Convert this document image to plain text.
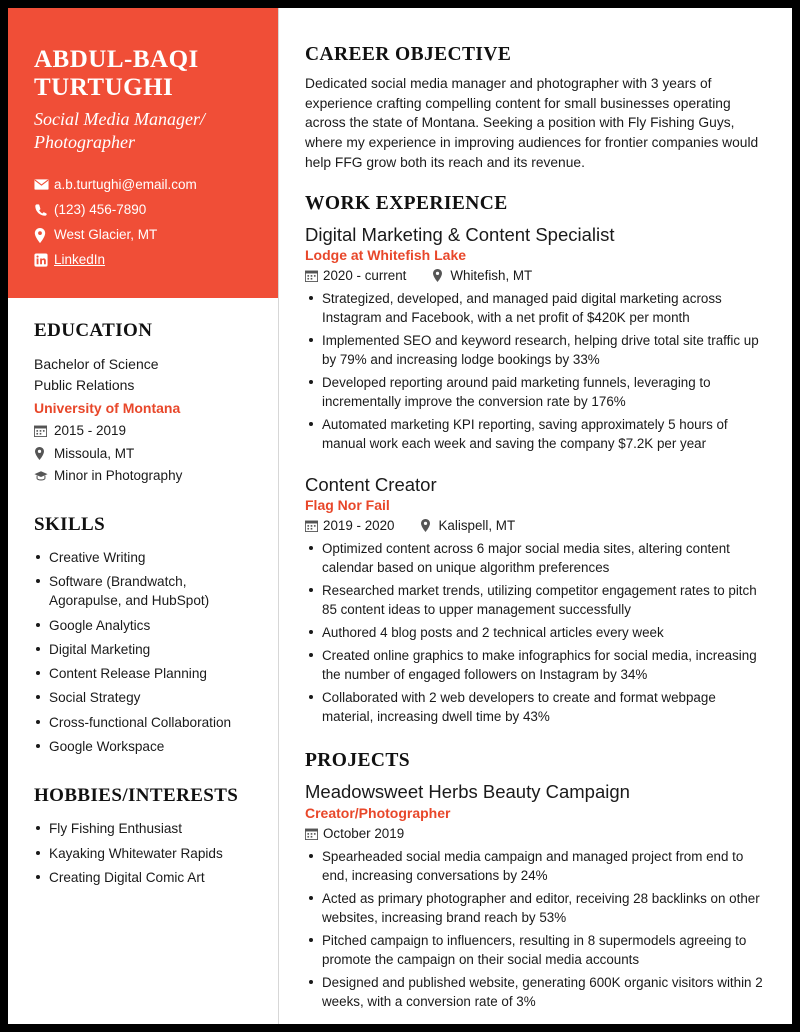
ABDUL-BAQI TURTUGHI
Social Media Manager/ Photographer
a.b.turtughi@email.com
(123) 456-7890
West Glacier, MT
LinkedIn
EDUCATION
Bachelor of Science
Public Relations
University of Montana
2015 - 2019
Missoula, MT
Minor in Photography
SKILLS
Creative Writing
Software (Brandwatch, Agorapulse, and HubSpot)
Google Analytics
Digital Marketing
Content Release Planning
Social Strategy
Cross-functional Collaboration
Google Workspace
HOBBIES/INTERESTS
Fly Fishing Enthusiast
Kayaking Whitewater Rapids
Creating Digital Comic Art
CAREER OBJECTIVE

Dedicated social media manager and photographer with 3 years of experience crafting compelling content for small businesses operating across the state of Montana. Seeking a position with Fly Fishing Guys, where my experience in improving audiences for frontier companies would help FFG grow both its reach and its revenue.

WORK EXPERIENCE
Digital Marketing & Content Specialist
Lodge at Whitefish Lake
2020 - current	Whitefish, MT
Strategized, developed, and managed paid digital marketing across Instagram and Facebook, with a net profit of $420K per month
Implemented SEO and keyword research, helping drive total site traffic up by 79% and increasing lodge bookings by 33%
Developed reporting around paid marketing funnels, leveraging to incrementally improve the conversion rate by 176%
Automated marketing KPI reporting, saving approximately 5 hours of manual work each week and saving the company $7.2K per year
Content Creator
Flag Nor Fail
2019 - 2020	Kalispell, MT
Optimized content across 6 major social media sites, altering content calendar based on unique algorithm preferences
Researched market trends, utilizing competitor engagement rates to pitch 85 content ideas to upper management successfully
Authored 4 blog posts and 2 technical articles every week
Created online graphics to make infographics for social media, increasing the number of engaged followers on Instagram by 34%
Collaborated with 2 web developers to create and format webpage material, increasing dwell time by 43%
PROJECTS
Meadowsweet Herbs Beauty Campaign
Creator/Photographer
October 2019
Spearheaded social media campaign and managed project from end to end, increasing conversations by 24%
Acted as primary photographer and editor, receiving 28 backlinks on other websites, increasing brand reach by 53%
Pitched campaign to influencers, resulting in 8 supermodels agreeing to promote the campaign on their social media accounts
Designed and published website, generating 600K organic visitors within 2 weeks, with a conversion rate of 3%
